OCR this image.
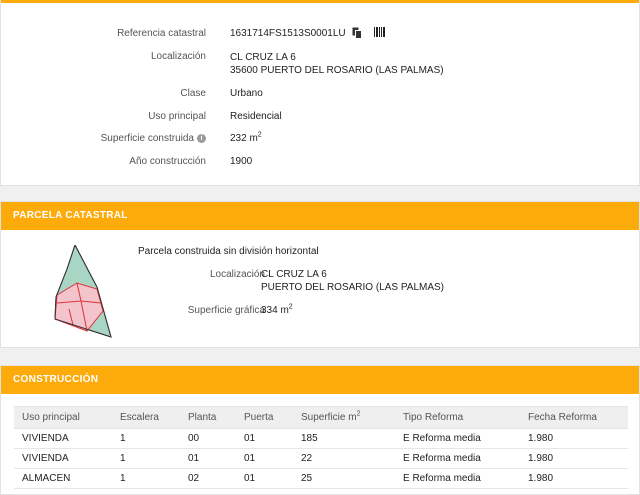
Referencia catastral 1631714FS1513S0001LU
Localización CL CRUZ LA 6
35600 PUERTO DEL ROSARIO (LAS PALMAS)
Clase Urbano
Uso principal Residencial
Superficie construida i	232 $m^2$
Año construcción 1900
PARCELA CATASTRAL
Parcela construida sin división horizontal
Localización
CL CRUZ LA 6
PUERTO DEL ROSARIO (LAS PALMAS)
Superficie gráfica
334 $m^2$
CONSTRUCCIÓN
Uso principal	Escalera	Planta	Puerta	Superficie $m^2$	Tipo Reforma	Fecha Reforma
VIVIENDA	1	00	01	185	E Reforma media	1.980
VIVIENDA	1	01	01	22	E Reforma media	1.980
ALMACEN	1	02	01	25	E Reforma media	1.980
